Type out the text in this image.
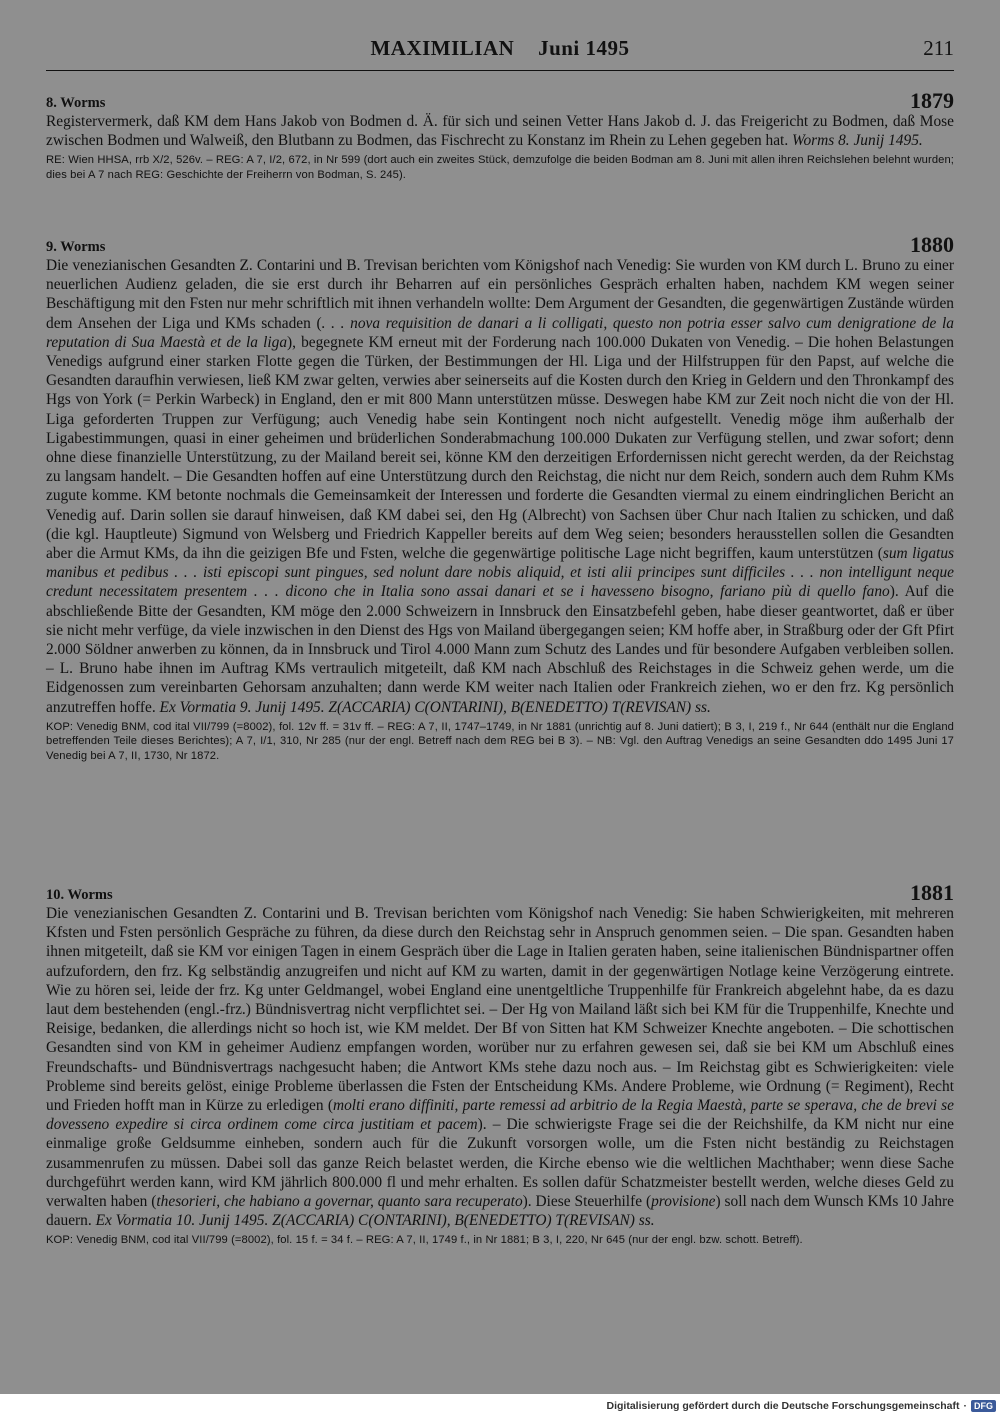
MAXIMILIAN Juni 1495	211
8. Worms	1879

Registervermerk, daß KM dem Hans Jakob von Bodmen d. Ä. für sich und seinen Vetter Hans Jakob d. J. das Freigericht zu Bodmen, daß Mose zwischen Bodmen und Walweiß, den Blutbann zu Bodmen, das Fischrecht zu Konstanz im Rhein zu Lehen gegeben hat. Worms 8. Junij 1495.

RE: Wien HHSA, rrb X/2, 526v. – REG: A 7, I/2, 672, in Nr 599 (dort auch ein zweites Stück, demzufolge die beiden Bodman am 8. Juni mit allen ihren Reichslehen belehnt wurden; dies bei A 7 nach REG: Geschichte der Freiherrn von Bodman, S. 245).

9. Worms	1880

Die venezianischen Gesandten Z. Contarini und B. Trevisan berichten vom Königshof nach Venedig: Sie wurden von KM durch L. Bruno zu einer neuerlichen Audienz geladen, die sie erst durch ihr Beharren auf ein persönliches Gespräch erhalten haben, nachdem KM wegen seiner Beschäftigung mit den Fsten nur mehr schriftlich mit ihnen verhandeln wollte: Dem Argument der Gesandten, die gegenwärtigen Zustände würden dem Ansehen der Liga und KMs schaden (. . . nova requisition de danari a li colligati, questo non potria esser salvo cum denigratione de la reputation di Sua Maestà et de la liga), begegnete KM erneut mit der Forderung nach 100.000 Dukaten von Venedig. – Die hohen Belastungen Venedigs aufgrund einer starken Flotte gegen die Türken, der Bestimmungen der Hl. Liga und der Hilfstruppen für den Papst, auf welche die Gesandten daraufhin verwiesen, ließ KM zwar gelten, verwies aber seinerseits auf die Kosten durch den Krieg in Geldern und den Thronkampf des Hgs von York (= Perkin Warbeck) in England, den er mit 800 Mann unterstützen müsse. Deswegen habe KM zur Zeit noch nicht die von der Hl. Liga geforderten Truppen zur Verfügung; auch Venedig habe sein Kontingent noch nicht aufgestellt. Venedig möge ihm außerhalb der Ligabestimmungen, quasi in einer geheimen und brüderlichen Sonderabmachung 100.000 Dukaten zur Verfügung stellen, und zwar sofort; denn ohne diese finanzielle Unterstützung, zu der Mailand bereit sei, könne KM den derzeitigen Erfordernissen nicht gerecht werden, da der Reichstag zu langsam handelt. – Die Gesandten hoffen auf eine Unterstützung durch den Reichstag, die nicht nur dem Reich, sondern auch dem Ruhm KMs zugute komme. KM betonte nochmals die Gemeinsamkeit der Interessen und forderte die Gesandten viermal zu einem eindringlichen Bericht an Venedig auf. Darin sollen sie darauf hinweisen, daß KM dabei sei, den Hg (Albrecht) von Sachsen über Chur nach Italien zu schicken, und daß (die kgl. Hauptleute) Sigmund von Welsberg und Friedrich Kappeller bereits auf dem Weg seien; besonders herausstellen sollen die Gesandten aber die Armut KMs, da ihn die geizigen Bfe und Fsten, welche die gegenwärtige politische Lage nicht begriffen, kaum unterstützen (sum ligatus manibus et pedibus . . . isti episcopi sunt pingues, sed nolunt dare nobis aliquid, et isti alii principes sunt difficiles . . . non intelligunt neque credunt necessitatem presentem . . . dicono che in Italia sono assai danari et se i havesseno bisogno, fariano più di quello fano). Auf die abschließende Bitte der Gesandten, KM möge den 2.000 Schweizern in Innsbruck den Einsatzbefehl geben, habe dieser geantwortet, daß er über sie nicht mehr verfüge, da viele inzwischen in den Dienst des Hgs von Mailand übergegangen seien; KM hoffe aber, in Straßburg oder der Gft Pfirt 2.000 Söldner anwerben zu können, da in Innsbruck und Tirol 4.000 Mann zum Schutz des Landes und für besondere Aufgaben verbleiben sollen. – L. Bruno habe ihnen im Auftrag KMs vertraulich mitgeteilt, daß KM nach Abschluß des Reichstages in die Schweiz gehen werde, um die Eidgenossen zum vereinbarten Gehorsam anzuhalten; dann werde KM weiter nach Italien oder Frankreich ziehen, wo er den frz. Kg persönlich anzutreffen hoffe. Ex Vormatia 9. Junij 1495. Z(ACCARIA) C(ONTARINI), B(ENEDETTO) T(REVISAN) ss.

KOP: Venedig BNM, cod ital VII/799 (=8002), fol. 12v ff. = 31v ff. – REG: A 7, II, 1747–1749, in Nr 1881 (unrichtig auf 8. Juni datiert); B 3, I, 219 f., Nr 644 (enthält nur die England betreffenden Teile dieses Berichtes); A 7, I/1, 310, Nr 285 (nur der engl. Betreff nach dem REG bei B 3). – NB: Vgl. den Auftrag Venedigs an seine Gesandten ddo 1495 Juni 17 Venedig bei A 7, II, 1730, Nr 1872.

10. Worms	1881

Die venezianischen Gesandten Z. Contarini und B. Trevisan berichten vom Königshof nach Venedig: Sie haben Schwierigkeiten, mit mehreren Kfsten und Fsten persönlich Gespräche zu führen, da diese durch den Reichstag sehr in Anspruch genommen seien. – Die span. Gesandten haben ihnen mitgeteilt, daß sie KM vor einigen Tagen in einem Gespräch über die Lage in Italien geraten haben, seine italienischen Bündnispartner offen aufzufordern, den frz. Kg selbständig anzugreifen und nicht auf KM zu warten, damit in der gegenwärtigen Notlage keine Verzögerung eintrete. Wie zu hören sei, leide der frz. Kg unter Geldmangel, wobei England eine unentgeltliche Truppenhilfe für Frankreich abgelehnt habe, da es dazu laut dem bestehenden (engl.-frz.) Bündnisvertrag nicht verpflichtet sei. – Der Hg von Mailand läßt sich bei KM für die Truppenhilfe, Knechte und Reisige, bedanken, die allerdings nicht so hoch ist, wie KM meldet. Der Bf von Sitten hat KM Schweizer Knechte angeboten. – Die schottischen Gesandten sind von KM in geheimer Audienz empfangen worden, worüber nur zu erfahren gewesen sei, daß sie bei KM um Abschluß eines Freundschafts- und Bündnisvertrags nachgesucht haben; die Antwort KMs stehe dazu noch aus. – Im Reichstag gibt es Schwierigkeiten: viele Probleme sind bereits gelöst, einige Probleme überlassen die Fsten der Entscheidung KMs. Andere Probleme, wie Ordnung (= Regiment), Recht und Frieden hofft man in Kürze zu erledigen (molti erano diffiniti, parte remessi ad arbitrio de la Regia Maestà, parte se sperava, che de brevi se dovesseno expedire si circa ordinem come circa justitiam et pacem). – Die schwierigste Frage sei die der Reichshilfe, da KM nicht nur eine einmalige große Geldsumme einheben, sondern auch für die Zukunft vorsorgen wolle, um die Fsten nicht beständig zu Reichstagen zusammenrufen zu müssen. Dabei soll das ganze Reich belastet werden, die Kirche ebenso wie die weltlichen Machthaber; wenn diese Sache durchgeführt werden kann, wird KM jährlich 800.000 fl und mehr erhalten. Es sollen dafür Schatzmeister bestellt werden, welche dieses Geld zu verwalten haben (thesorieri, che habiano a governar, quanto sara recuperato). Diese Steuerhilfe (provisione) soll nach dem Wunsch KMs 10 Jahre dauern. Ex Vormatia 10. Junij 1495. Z(ACCARIA) C(ONTARINI), B(ENEDETTO) T(REVISAN) ss.

KOP: Venedig BNM, cod ital VII/799 (=8002), fol. 15 f. = 34 f. – REG: A 7, II, 1749 f., in Nr 1881; B 3, I, 220, Nr 645 (nur der engl. bzw. schott. Betreff).

Digitalisierung gefördert durch die Deutsche Forschungsgemeinschaft · DFG
